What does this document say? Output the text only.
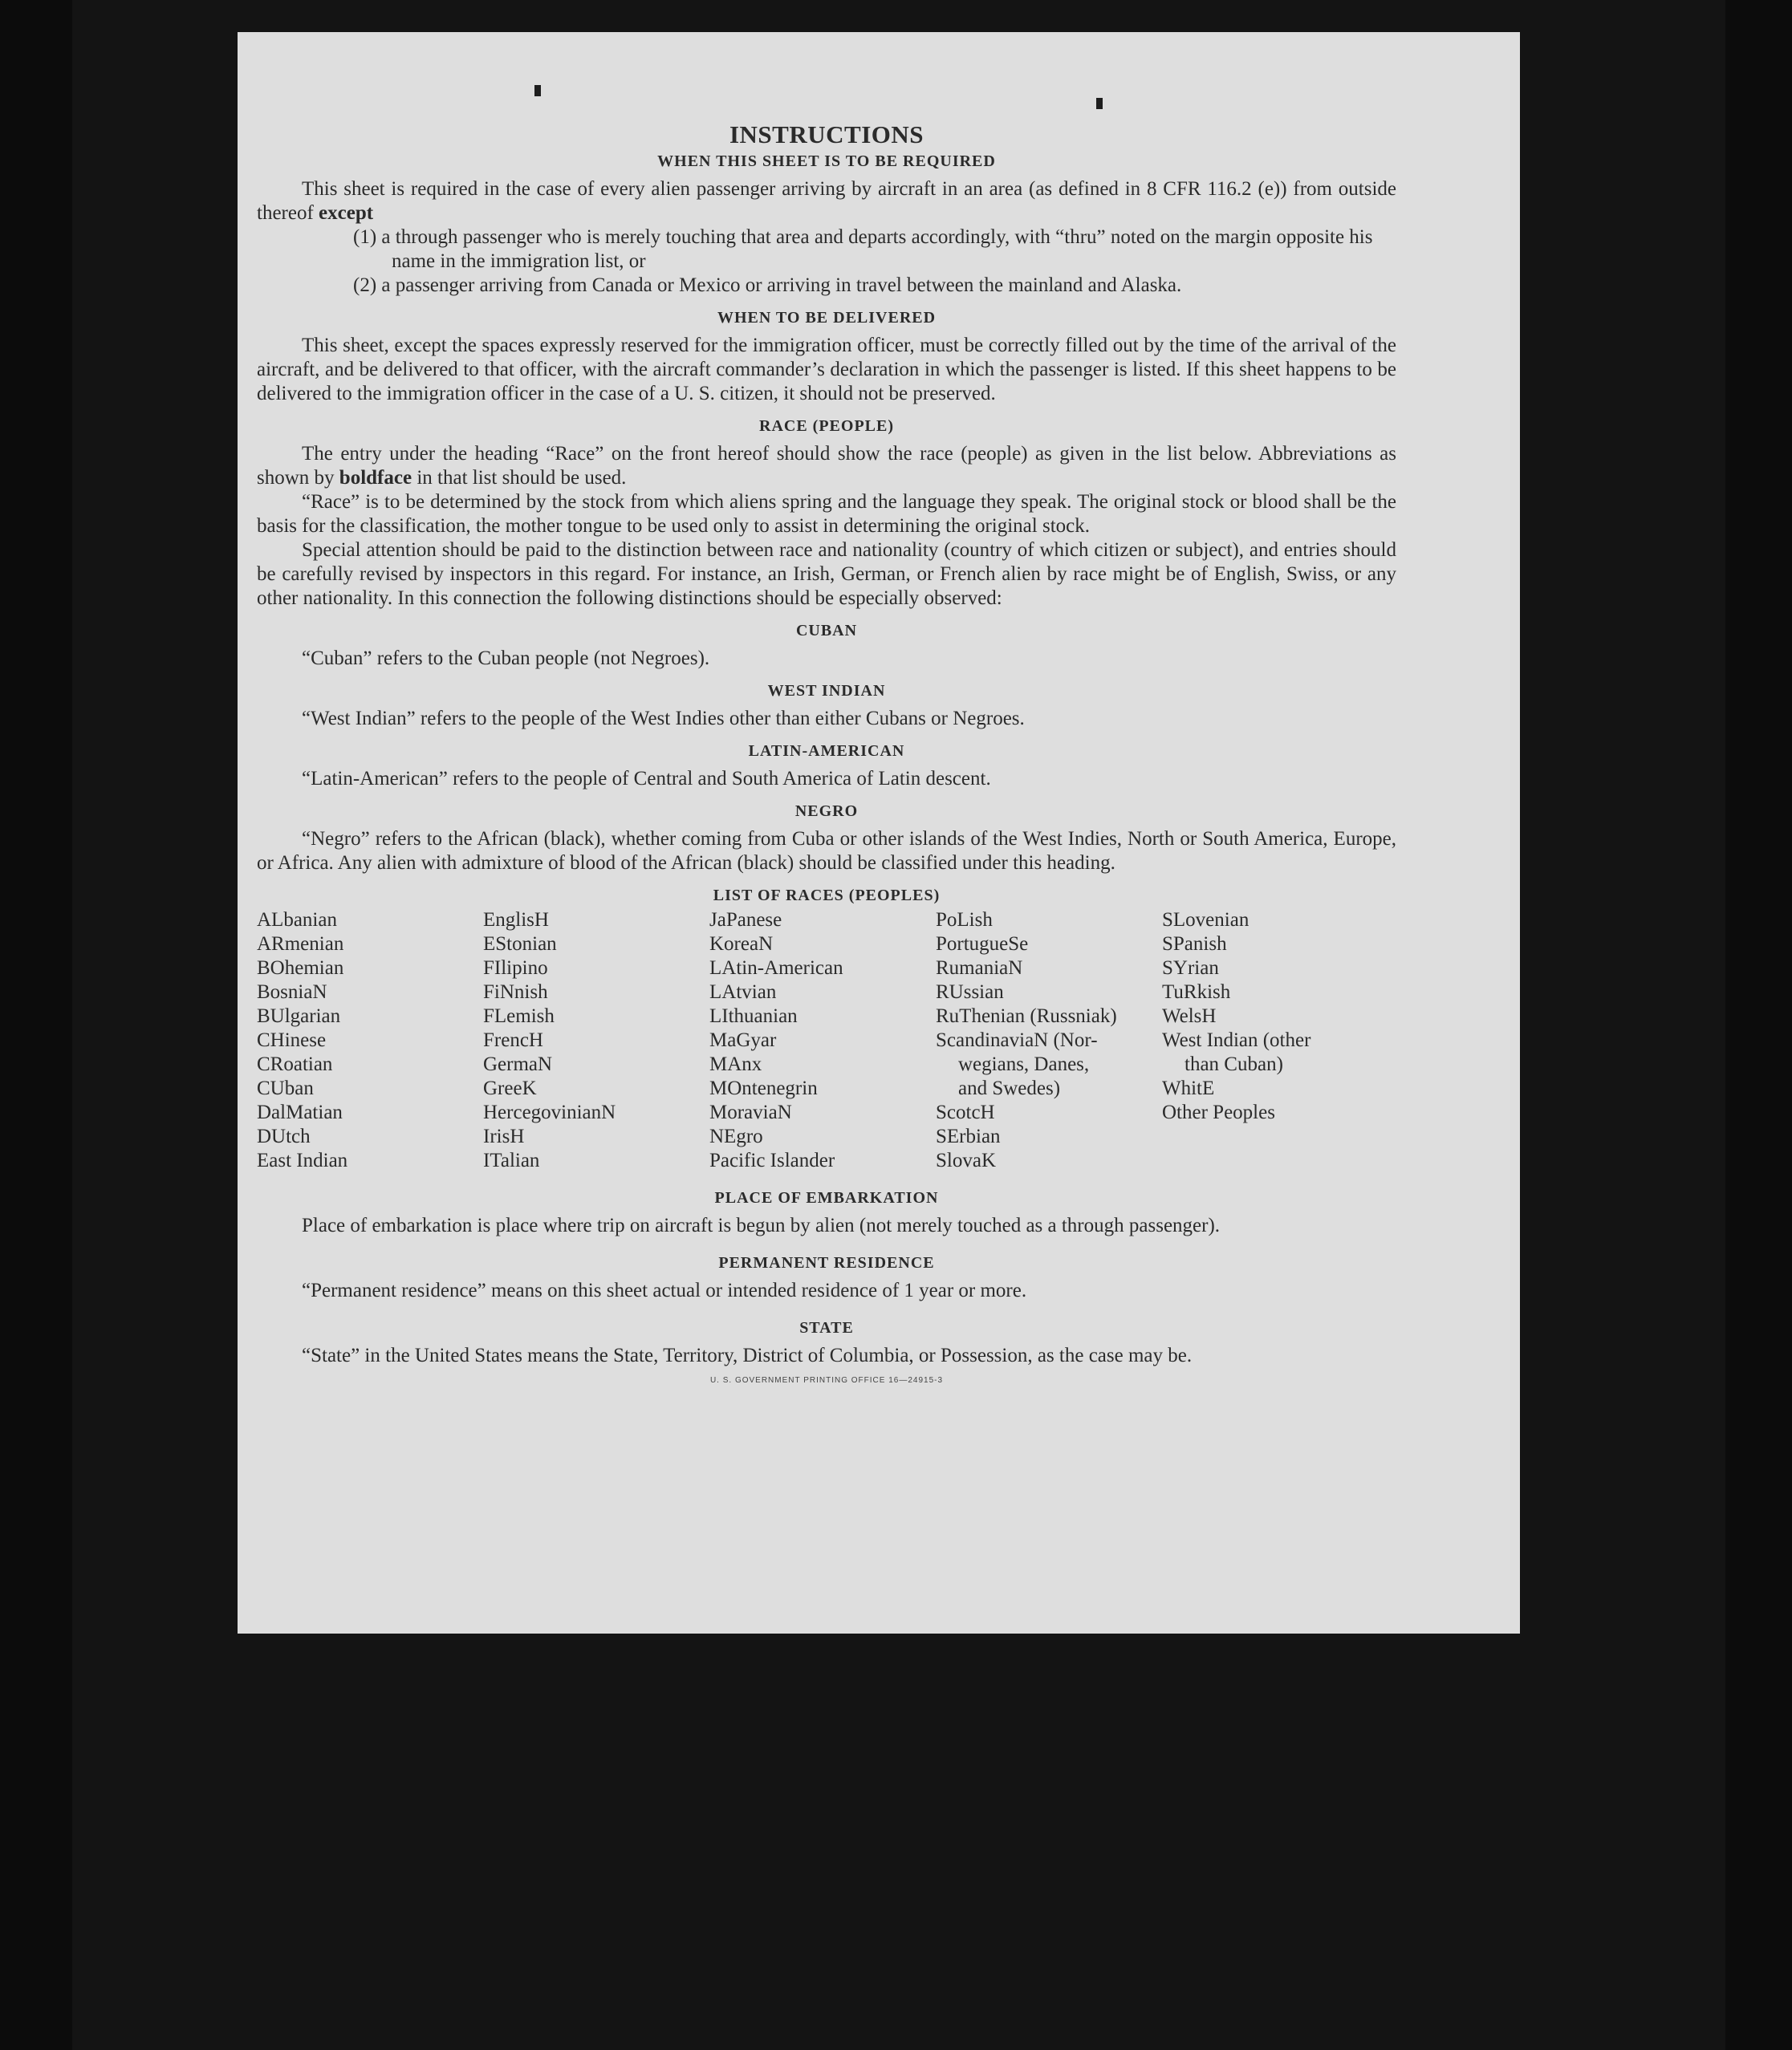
INSTRUCTIONS
WHEN THIS SHEET IS TO BE REQUIRED

This sheet is required in the case of every alien passenger arriving by aircraft in an area (as defined in 8 CFR 116.2 (e)) from outside thereof except

(1) a through passenger who is merely touching that area and departs accordingly, with “thru” noted on the margin opposite his name in the immigration list, or
(2) a passenger arriving from Canada or Mexico or arriving in travel between the mainland and Alaska.
WHEN TO BE DELIVERED

This sheet, except the spaces expressly reserved for the immigration officer, must be correctly filled out by the time of the arrival of the aircraft, and be delivered to that officer, with the aircraft commander’s declaration in which the passenger is listed. If this sheet happens to be delivered to the immigration officer in the case of a U. S. citizen, it should not be preserved.

RACE (PEOPLE)

The entry under the heading “Race” on the front hereof should show the race (people) as given in the list below. Abbreviations as shown by boldface in that list should be used.

“Race” is to be determined by the stock from which aliens spring and the language they speak. The original stock or blood shall be the basis for the classification, the mother tongue to be used only to assist in determining the original stock.

Special attention should be paid to the distinction between race and nationality (country of which citizen or subject), and entries should be carefully revised by inspectors in this regard. For instance, an Irish, German, or French alien by race might be of English, Swiss, or any other nationality. In this connection the following distinctions should be especially observed:

CUBAN

“Cuban” refers to the Cuban people (not Negroes).

WEST INDIAN

“West Indian” refers to the people of the West Indies other than either Cubans or Negroes.

LATIN-AMERICAN

“Latin-American” refers to the people of Central and South America of Latin descent.

NEGRO

“Negro” refers to the African (black), whether coming from Cuba or other islands of the West Indies, North or South America, Europe, or Africa. Any alien with admixture of blood of the African (black) should be classified under this heading.

LIST OF RACES (PEOPLES)
ALbanian
ARmenian
BOhemian
BosniaN
BUlgarian
CHinese
CRoatian
CUban
DalMatian
DUtch
East Indian
EnglisH
EStonian
FIlipino
FiNnish
FLemish
FrencH
GermaN
GreeK
HercegovinianN
IrisH
ITalian
JaPanese
KoreaN
LAtin-American
LAtvian
LIthuanian
MaGyar
MAnx
MOntenegrin
MoraviaN
NEgro
Pacific Islander
PoLish
PortugueSe
RumaniaN
RUssian
RuThenian (Russniak)
ScandinaviaN (Nor-
wegians, Danes,
and Swedes)
ScotcH
SErbian
SlovaK
SLovenian
SPanish
SYrian
TuRkish
WelsH
West Indian (other
than Cuban)
WhitE
Other Peoples
PLACE OF EMBARKATION

Place of embarkation is place where trip on aircraft is begun by alien (not merely touched as a through passenger).

PERMANENT RESIDENCE

“Permanent residence” means on this sheet actual or intended residence of 1 year or more.

STATE

“State” in the United States means the State, Territory, District of Columbia, or Possession, as the case may be.

U. S. GOVERNMENT PRINTING OFFICE 16—24915-3
